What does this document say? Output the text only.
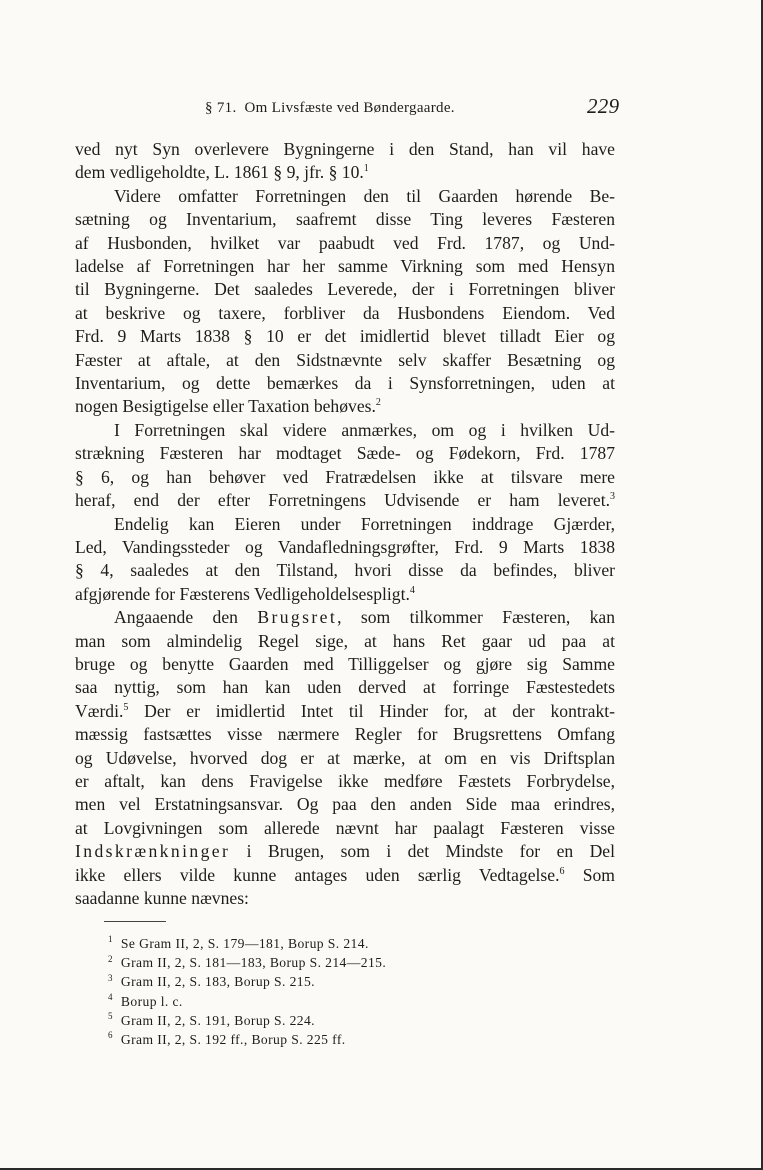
§ 71. Om Livsfæste ved Bøndergaarde.	229
ved nyt Syn overlevere Bygningerne i den Stand, han vil have
dem vedligeholdte, L. 1861 § 9, jfr. § 10.$^1$
Videre omfatter Forretningen den til Gaarden hørende Be-
sætning og Inventarium, saafremt disse Ting leveres Fæsteren
af Husbonden, hvilket var paabudt ved Frd. 1787, og Und-
ladelse af Forretningen har her samme Virkning som med Hensyn
til Bygningerne. Det saaledes Leverede, der i Forretningen bliver
at beskrive og taxere, forbliver da Husbondens Eiendom. Ved
Frd. 9 Marts 1838 § 10 er det imidlertid blevet tilladt Eier og
Fæster at aftale, at den Sidstnævnte selv skaffer Besætning og
Inventarium, og dette bemærkes da i Synsforretningen, uden at
nogen Besigtigelse eller Taxation behøves.$^2$
I Forretningen skal videre anmærkes, om og i hvilken Ud-
strækning Fæsteren har modtaget Sæde- og Fødekorn, Frd. 1787
§ 6, og han behøver ved Fratrædelsen ikke at tilsvare mere
heraf, end der efter Forretningens Udvisende er ham leveret.$^3$
Endelig kan Eieren under Forretningen inddrage Gjærder,
Led, Vandingssteder og Vandafledningsgrøfter, Frd. 9 Marts 1838
§ 4, saaledes at den Tilstand, hvori disse da befindes, bliver
afgjørende for Fæsterens Vedligeholdelsespligt.$^4$
Angaaende den Brugsret, som tilkommer Fæsteren, kan
man som almindelig Regel sige, at hans Ret gaar ud paa at
bruge og benytte Gaarden med Tilliggelser og gjøre sig Samme
saa nyttig, som han kan uden derved at forringe Fæstestedets
Værdi.$^5$ Der er imidlertid Intet til Hinder for, at der kontrakt-
mæssig fastsættes visse nærmere Regler for Brugsrettens Omfang
og Udøvelse, hvorved dog er at mærke, at om en vis Driftsplan
er aftalt, kan dens Fravigelse ikke medføre Fæstets Forbrydelse,
men vel Erstatningsansvar. Og paa den anden Side maa erindres,
at Lovgivningen som allerede nævnt har paalagt Fæsteren visse
Indskrænkninger i Brugen, som i det Mindste for en Del
ikke ellers vilde kunne antages uden særlig Vedtagelse.$^6$ Som
saadanne kunne nævnes:
$^1$ Se Gram II, 2, S. 179—181, Borup S. 214.
$^2$ Gram II, 2, S. 181—183, Borup S. 214—215.
$^3$ Gram II, 2, S. 183, Borup S. 215.
$^4$ Borup l. c.
$^5$ Gram II, 2, S. 191, Borup S. 224.
$^6$ Gram II, 2, S. 192 ff., Borup S. 225 ff.
